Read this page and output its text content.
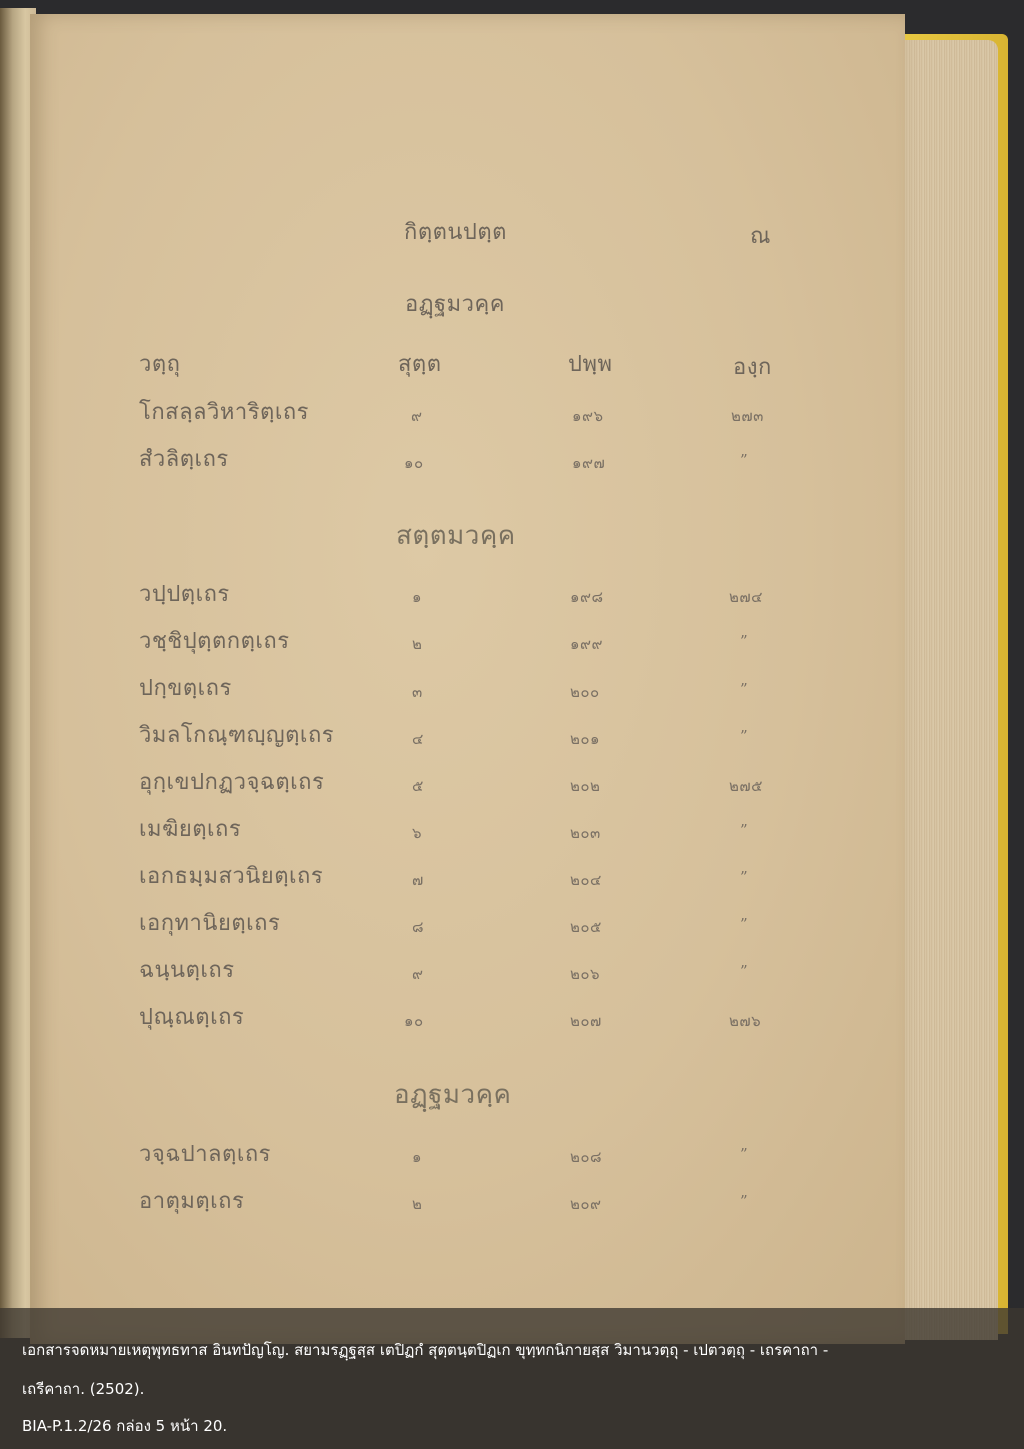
กิตฺตนปตฺต	ณ
อฏฺฐมวคฺค
วตฺถุ	สุตฺต	ปพฺพ	องฺก
โกสลฺลวิหาริตฺเถร	๙	๑๙๖	๒๗๓
สํวลิตฺเถร	๑๐	๑๙๗	”
สตฺตมวคฺค
วปฺปตฺเถร	๑	๑๙๘	๒๗๔
วชฺชิปุตฺตกตฺเถร	๒	๑๙๙	”
ปกฺขตฺเถร	๓	๒๐๐	”
วิมลโกณฺฑญฺญตฺเถร	๔	๒๐๑	”
อุกฺเขปกฏวจฺฉตฺเถร	๕	๒๐๒	๒๗๕
เมฆิยตฺเถร	๖	๒๐๓	”
เอกธมฺมสวนิยตฺเถร	๗	๒๐๔	”
เอกุทานิยตฺเถร	๘	๒๐๕	”
ฉนฺนตฺเถร	๙	๒๐๖	”
ปุณฺณตฺเถร	๑๐	๒๐๗	๒๗๖
อฏฺฐมวคฺค
วจฺฉปาลตฺเถร	๑	๒๐๘	”
อาตุมตฺเถร	๒	๒๐๙	”
เอกสารจดหมายเหตุพุทธทาส อินทปัญโญ. สยามรฏฺฐสฺส เตปิฏกํ สุตฺตนฺตปิฏเก ขุทฺทกนิกายสฺส วิมานวตฺถุ - เปตวตฺถุ - เถรคาถา -
เถรีคาถา. (2502).
BIA-P.1.2/26 กล่อง 5 หน้า 20.
